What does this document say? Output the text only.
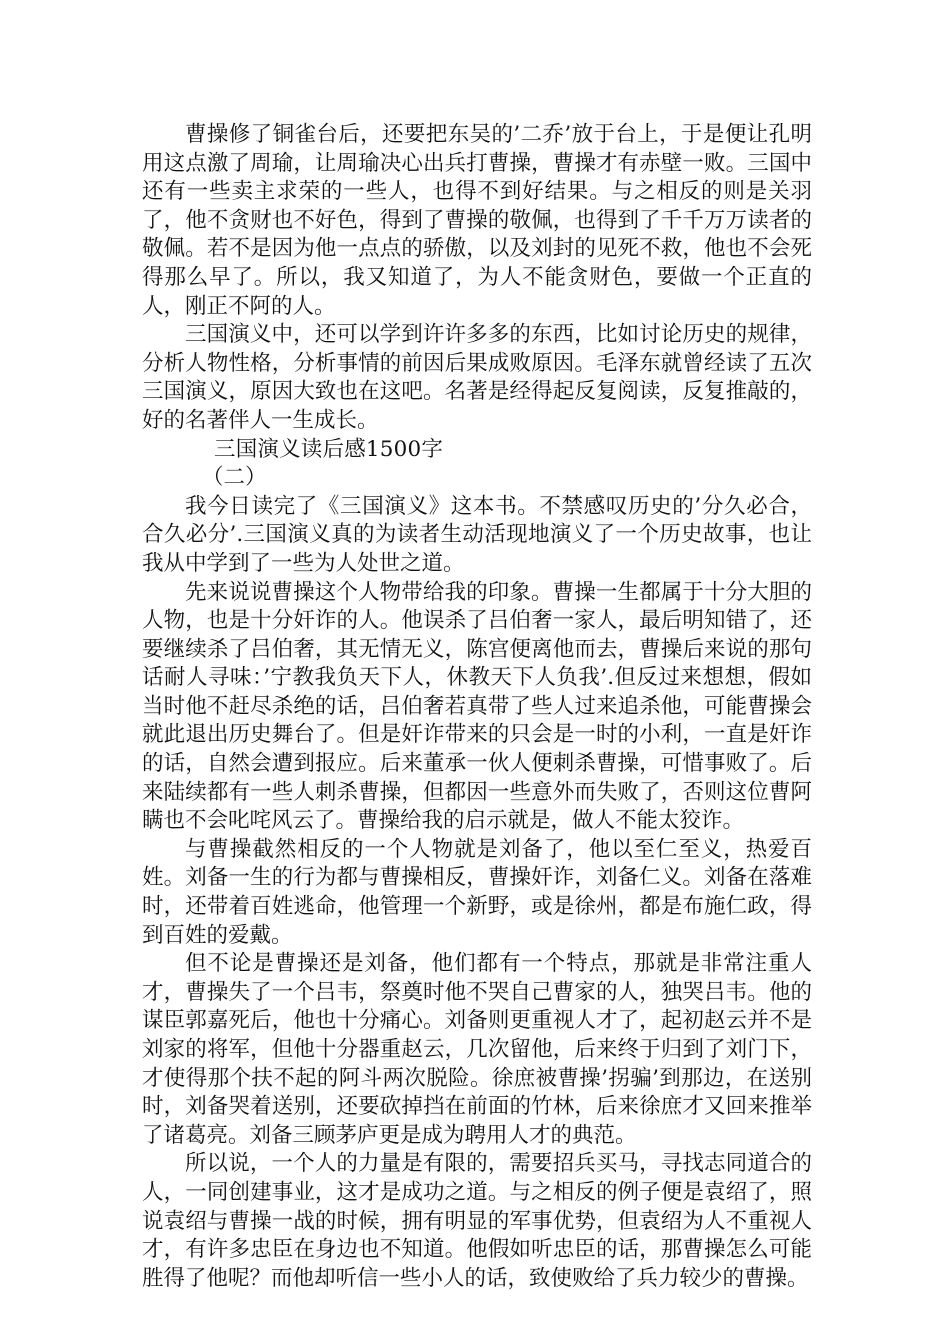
曹操修了铜雀台后，还要把东吴的’二乔’放于台上，于是便让孔明用这点激了周瑜，让周瑜决心出兵打曹操，曹操才有赤壁一败。三国中还有一些卖主求荣的一些人，也得不到好结果。与之相反的则是关羽了，他不贪财也不好色，得到了曹操的敬佩，也得到了千千万万读者的敬佩。若不是因为他一点点的骄傲，以及刘封的见死不救，他也不会死得那么早了。所以，我又知道了，为人不能贪财色，要做一个正直的人，刚正不阿的人。

三国演义中，还可以学到许许多多的东西，比如讨论历史的规律，分析人物性格，分析事情的前因后果成败原因。毛泽东就曾经读了五次三国演义，原因大致也在这吧。名著是经得起反复阅读，反复推敲的，好的名著伴人一生成长。

三国演义读后感1500字

（二）

我今日读完了《三国演义》这本书。不禁感叹历史的’分久必合，合久必分’.三国演义真的为读者生动活现地演义了一个历史故事，也让我从中学到了一些为人处世之道。

先来说说曹操这个人物带给我的印象。曹操一生都属于十分大胆的人物，也是十分奸诈的人。他误杀了吕伯奢一家人，最后明知错了，还要继续杀了吕伯奢，其无情无义，陈宫便离他而去，曹操后来说的那句话耐人寻味：’宁教我负天下人，休教天下人负我’.但反过来想想，假如当时他不赶尽杀绝的话，吕伯奢若真带了些人过来追杀他，可能曹操会就此退出历史舞台了。但是奸诈带来的只会是一时的小利，一直是奸诈的话，自然会遭到报应。后来董承一伙人便刺杀曹操，可惜事败了。后来陆续都有一些人刺杀曹操，但都因一些意外而失败了，否则这位曹阿瞒也不会叱咤风云了。曹操给我的启示就是，做人不能太狡诈。

与曹操截然相反的一个人物就是刘备了，他以至仁至义，热爱百姓。刘备一生的行为都与曹操相反，曹操奸诈，刘备仁义。刘备在落难时，还带着百姓逃命，他管理一个新野，或是徐州，都是布施仁政，得到百姓的爱戴。

但不论是曹操还是刘备，他们都有一个特点，那就是非常注重人才，曹操失了一个吕韦，祭奠时他不哭自己曹家的人，独哭吕韦。他的谋臣郭嘉死后，他也十分痛心。刘备则更重视人才了，起初赵云并不是刘家的将军，但他十分器重赵云，几次留他，后来终于归到了刘门下，才使得那个扶不起的阿斗两次脱险。徐庶被曹操’拐骗’到那边，在送别时，刘备哭着送别，还要砍掉挡在前面的竹林，后来徐庶才又回来推举了诸葛亮。刘备三顾茅庐更是成为聘用人才的典范。

所以说，一个人的力量是有限的，需要招兵买马，寻找志同道合的人，一同创建事业，这才是成功之道。与之相反的例子便是袁绍了，照说袁绍与曹操一战的时候，拥有明显的军事优势，但袁绍为人不重视人才，有许多忠臣在身边也不知道。他假如听忠臣的话，那曹操怎么可能胜得了他呢？而他却听信一些小人的话，致使败给了兵力较少的曹操。
